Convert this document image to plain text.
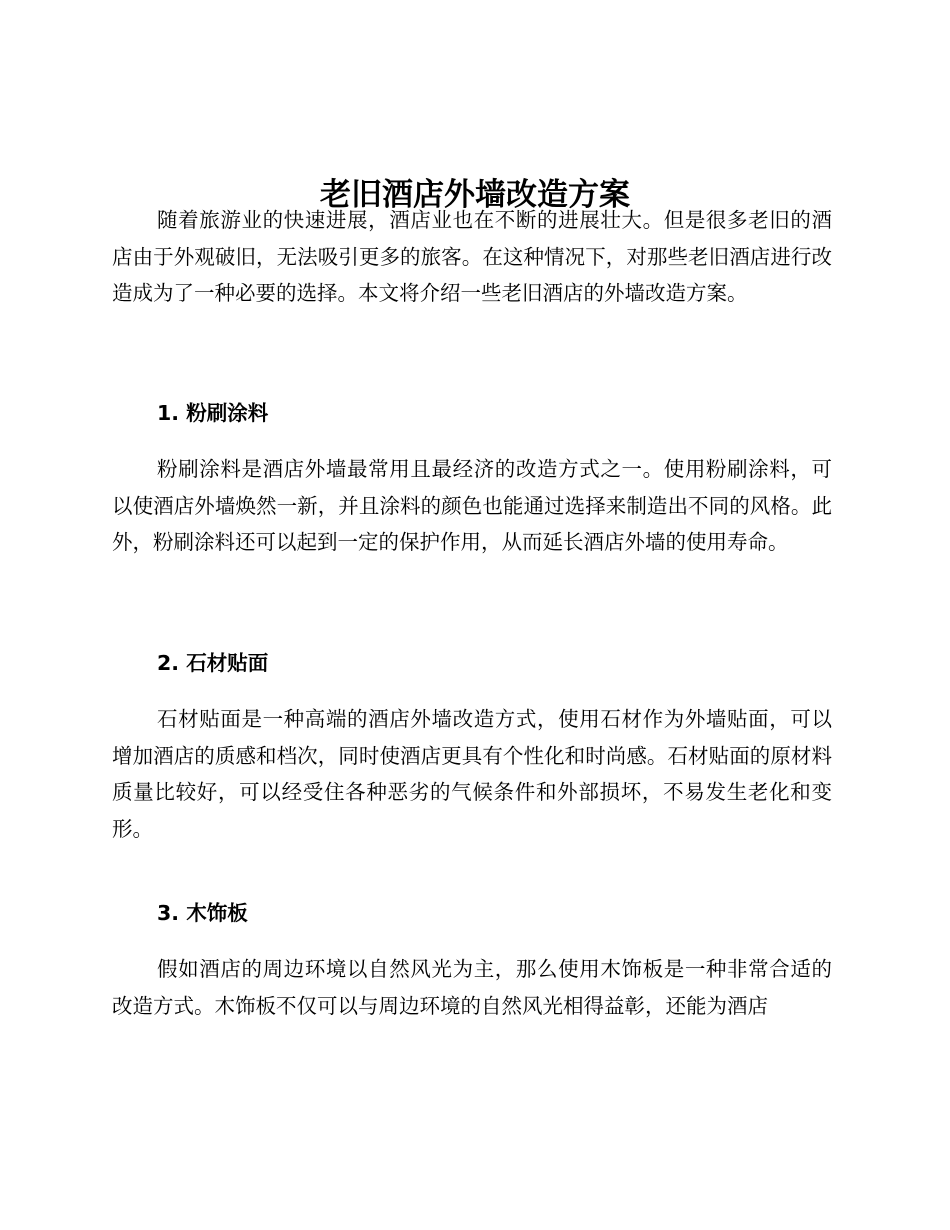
老旧酒店外墙改造方案

随着旅游业的快速进展，酒店业也在不断的进展壮大。但是很多老旧的酒店由于外观破旧，无法吸引更多的旅客。在这种情况下，对那些老旧酒店进行改造成为了一种必要的选择。本文将介绍一些老旧酒店的外墙改造方案。

1. 粉刷涂料

粉刷涂料是酒店外墙最常用且最经济的改造方式之一。使用粉刷涂料，可以使酒店外墙焕然一新，并且涂料的颜色也能通过选择来制造出不同的风格。此外，粉刷涂料还可以起到一定的保护作用，从而延长酒店外墙的使用寿命。

2. 石材贴面

石材贴面是一种高端的酒店外墙改造方式，使用石材作为外墙贴面，可以增加酒店的质感和档次，同时使酒店更具有个性化和时尚感。石材贴面的原材料质量比较好，可以经受住各种恶劣的气候条件和外部损坏，不易发生老化和变形。

3. 木饰板

假如酒店的周边环境以自然风光为主，那么使用木饰板是一种非常合适的改造方式。木饰板不仅可以与周边环境的自然风光相得益彰，还能为酒店
